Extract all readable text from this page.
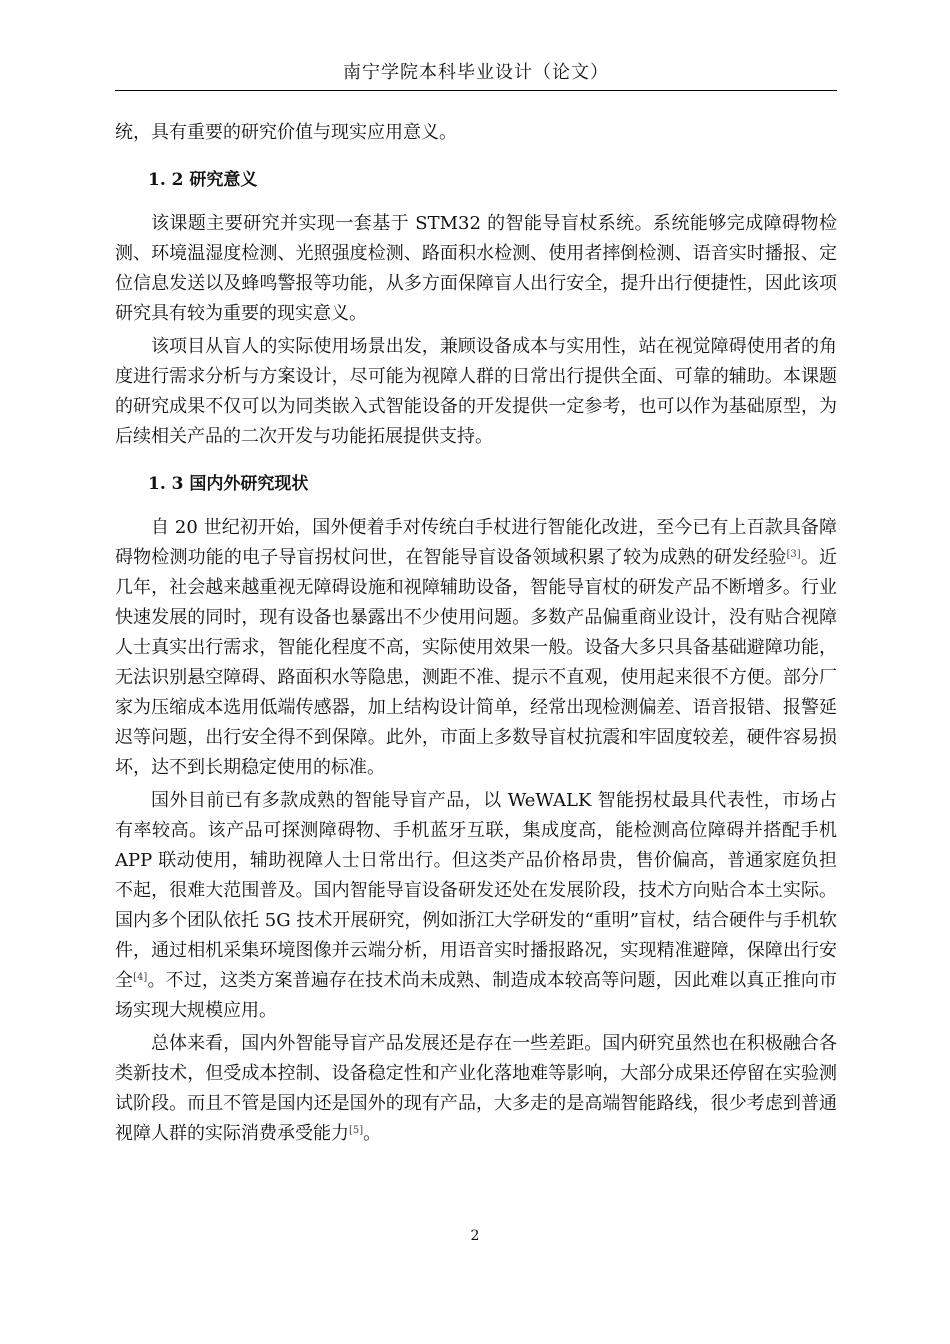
南宁学院本科毕业设计（论文）

统，具有重要的研究价值与现实应用意义。

1. 2 研究意义

该课题主要研究并实现一套基于 STM32 的智能导盲杖系统。系统能够完成障碍物检测、环境温湿度检测、光照强度检测、路面积水检测、使用者摔倒检测、语音实时播报、定位信息发送以及蜂鸣警报等功能，从多方面保障盲人出行安全，提升出行便捷性，因此该项研究具有较为重要的现实意义。

该项目从盲人的实际使用场景出发，兼顾设备成本与实用性，站在视觉障碍使用者的角度进行需求分析与方案设计，尽可能为视障人群的日常出行提供全面、可靠的辅助。本课题的研究成果不仅可以为同类嵌入式智能设备的开发提供一定参考，也可以作为基础原型，为后续相关产品的二次开发与功能拓展提供支持。

1. 3 国内外研究现状

自 20 世纪初开始，国外便着手对传统白手杖进行智能化改进，至今已有上百款具备障碍物检测功能的电子导盲拐杖问世，在智能导盲设备领域积累了较为成熟的研发经验[3]。近几年，社会越来越重视无障碍设施和视障辅助设备，智能导盲杖的研发产品不断增多。行业快速发展的同时，现有设备也暴露出不少使用问题。多数产品偏重商业设计，没有贴合视障人士真实出行需求，智能化程度不高，实际使用效果一般。设备大多只具备基础避障功能，无法识别悬空障碍、路面积水等隐患，测距不准、提示不直观，使用起来很不方便。部分厂家为压缩成本选用低端传感器，加上结构设计简单，经常出现检测偏差、语音报错、报警延迟等问题，出行安全得不到保障。此外，市面上多数导盲杖抗震和牢固度较差，硬件容易损坏，达不到长期稳定使用的标准。

国外目前已有多款成熟的智能导盲产品，以 WeWALK 智能拐杖最具代表性，市场占有率较高。该产品可探测障碍物、手机蓝牙互联，集成度高，能检测高位障碍并搭配手机 APP 联动使用，辅助视障人士日常出行。但这类产品价格昂贵，售价偏高，普通家庭负担不起，很难大范围普及。国内智能导盲设备研发还处在发展阶段，技术方向贴合本土实际。国内多个团队依托 5G 技术开展研究，例如浙江大学研发的“重明”盲杖，结合硬件与手机软件，通过相机采集环境图像并云端分析，用语音实时播报路况，实现精准避障，保障出行安全[4]。不过，这类方案普遍存在技术尚未成熟、制造成本较高等问题，因此难以真正推向市场实现大规模应用。

总体来看，国内外智能导盲产品发展还是存在一些差距。国内研究虽然也在积极融合各类新技术，但受成本控制、设备稳定性和产业化落地难等影响，大部分成果还停留在实验测试阶段。而且不管是国内还是国外的现有产品，大多走的是高端智能路线，很少考虑到普通视障人群的实际消费承受能力[5]。

2
